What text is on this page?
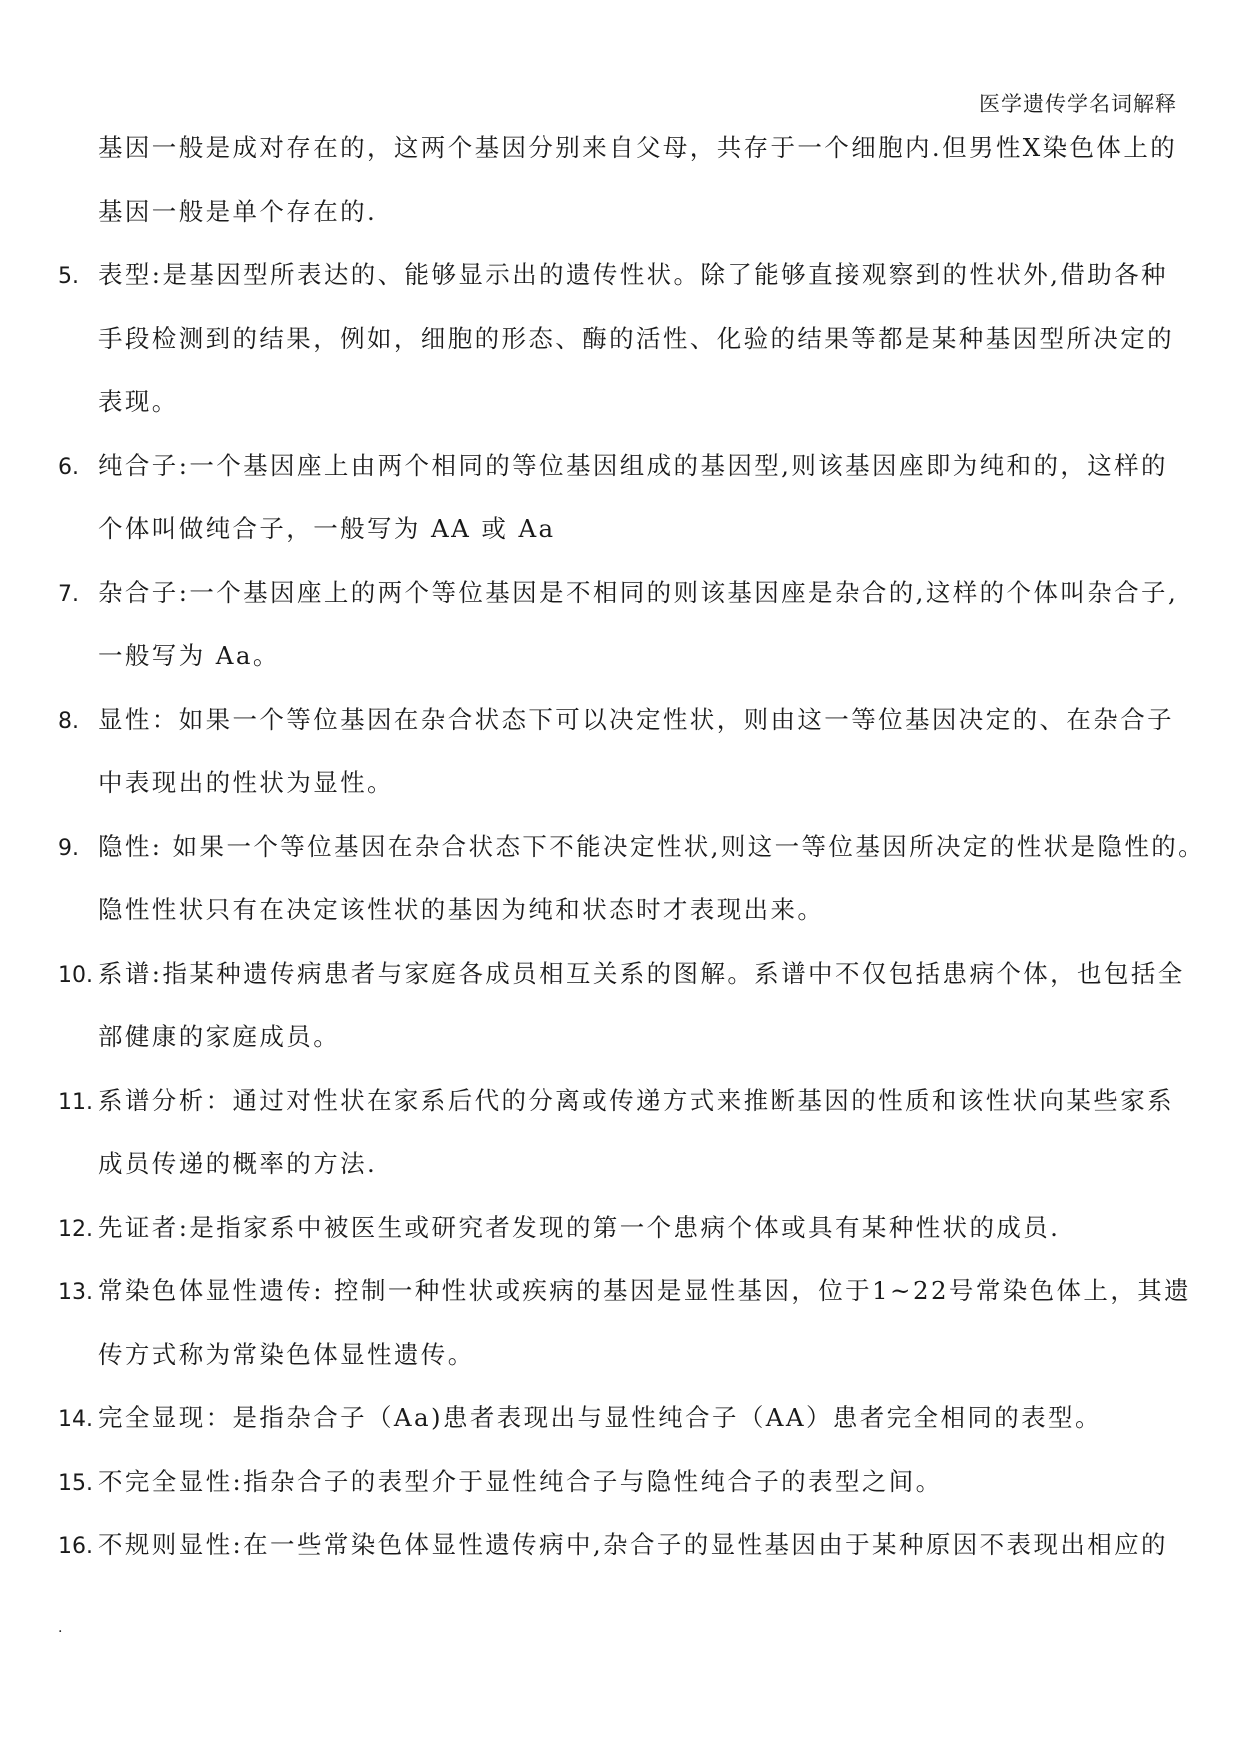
医学遗传学名词解释
基因一般是成对存在的，这两个基因分别来自父母，共存于一个细胞内.但男性X染色体上的
基因一般是单个存在的.
5. 表型:是基因型所表达的、能够显示出的遗传性状。除了能够直接观察到的性状外,借助各种
手段检测到的结果，例如，细胞的形态、酶的活性、化验的结果等都是某种基因型所决定的
表现。
6. 纯合子:一个基因座上由两个相同的等位基因组成的基因型,则该基因座即为纯和的，这样的
个体叫做纯合子，一般写为 AA 或 Aa
7. 杂合子:一个基因座上的两个等位基因是不相同的则该基因座是杂合的,这样的个体叫杂合子,
一般写为 Aa。
8. 显性：如果一个等位基因在杂合状态下可以决定性状，则由这一等位基因决定的、在杂合子
中表现出的性状为显性。
9. 隐性: 如果一个等位基因在杂合状态下不能决定性状,则这一等位基因所决定的性状是隐性的。
隐性性状只有在决定该性状的基因为纯和状态时才表现出来。
10. 系谱:指某种遗传病患者与家庭各成员相互关系的图解。系谱中不仅包括患病个体，也包括全
部健康的家庭成员。
11. 系谱分析：通过对性状在家系后代的分离或传递方式来推断基因的性质和该性状向某些家系
成员传递的概率的方法.
12. 先证者:是指家系中被医生或研究者发现的第一个患病个体或具有某种性状的成员.
13. 常染色体显性遗传: 控制一种性状或疾病的基因是显性基因，位于1~22号常染色体上，其遗
传方式称为常染色体显性遗传。
14. 完全显现：是指杂合子（Aa)患者表现出与显性纯合子（AA）患者完全相同的表型。
15. 不完全显性:指杂合子的表型介于显性纯合子与隐性纯合子的表型之间。
16. 不规则显性:在一些常染色体显性遗传病中,杂合子的显性基因由于某种原因不表现出相应的
.
